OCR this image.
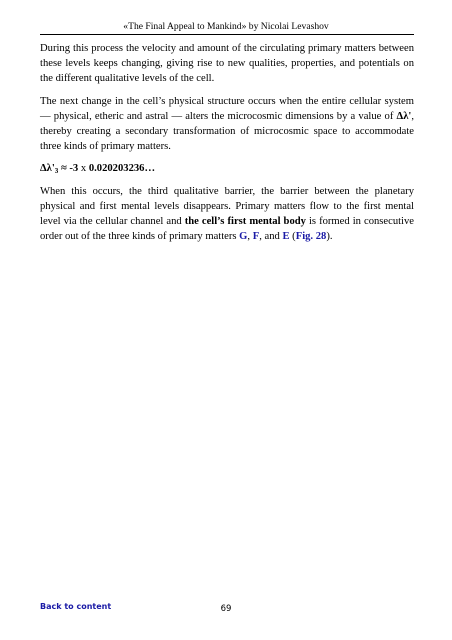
«The Final Appeal to Mankind» by Nicolai Levashov

During this process the velocity and amount of the circulating primary matters between these levels keeps changing, giving rise to new qualities, properties, and potentials on the different qualitative levels of the cell.

The next change in the cell’s physical structure occurs when the entire cellular system — physical, etheric and astral — alters the microcosmic dimensions by a value of Δλ', thereby creating a secondary transformation of microcosmic space to accommodate three kinds of primary matters.

$\Delta\lambda'_3 \approx -3$ x 0.020203236…

When this occurs, the third qualitative barrier, the barrier between the planetary physical and first mental levels disappears. Primary matters flow to the first mental level via the cellular channel and the cell’s first mental body is formed in consecutive order out of the three kinds of primary matters G, F, and E (Fig. 28).

Back to content	69
